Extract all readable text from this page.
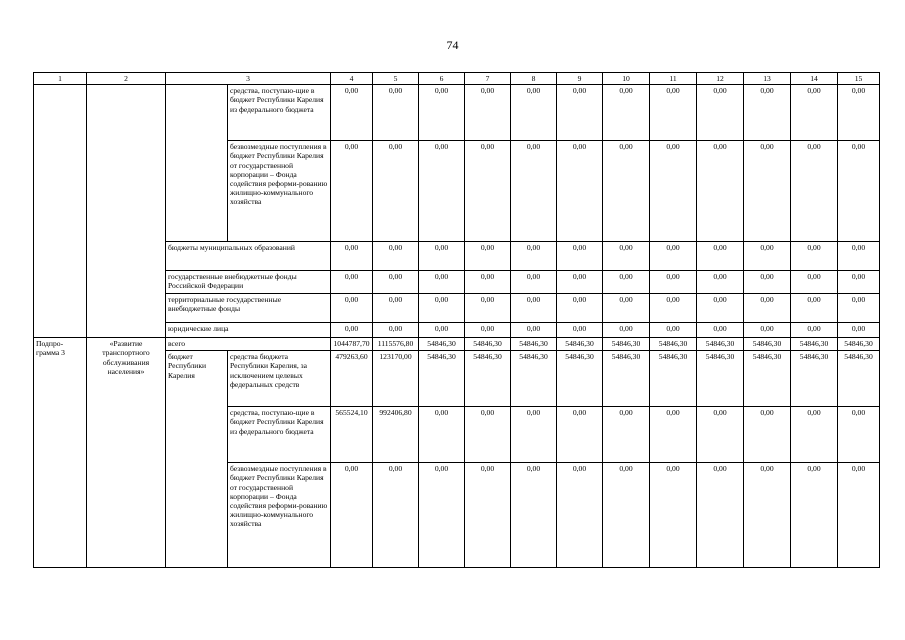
74
1	2	3		4	5	6	7	8	9	10	11	12	13	14	15
			средства, поступаю-щие в бюджет Республики Карелия из федерального бюджета	0,00	0,00	0,00	0,00	0,00	0,00	0,00	0,00	0,00	0,00	0,00	0,00
			безвозмездные поступления в бюджет Республики Карелия от государственной корпорации – Фонда содействия реформи-рованию жилищно-коммунального хозяйства	0,00	0,00	0,00	0,00	0,00	0,00	0,00	0,00	0,00	0,00	0,00	0,00
		бюджеты муниципальных образований		0,00	0,00	0,00	0,00	0,00	0,00	0,00	0,00	0,00	0,00	0,00	0,00
		государственные внебюджетные фонды Российской Федерации		0,00	0,00	0,00	0,00	0,00	0,00	0,00	0,00	0,00	0,00	0,00	0,00
		территориальные государственные внебюджетные фонды		0,00	0,00	0,00	0,00	0,00	0,00	0,00	0,00	0,00	0,00	0,00	0,00
		юридические лица		0,00	0,00	0,00	0,00	0,00	0,00	0,00	0,00	0,00	0,00	0,00	0,00
Подпро-грамма 3	«Развитие транспортного обслуживания населения»	всего		1044787,70	1115576,80	54846,30	54846,30	54846,30	54846,30	54846,30	54846,30	54846,30	54846,30	54846,30	54846,30
		бюджет Республики Карелия	средства бюджета Республики Карелия, за исключением целевых федеральных средств	479263,60	123170,00	54846,30	54846,30	54846,30	54846,30	54846,30	54846,30	54846,30	54846,30	54846,30	54846,30
			средства, поступаю-щие в бюджет Республики Карелия из федерального бюджета	565524,10	992406,80	0,00	0,00	0,00	0,00	0,00	0,00	0,00	0,00	0,00	0,00
			безвозмездные поступления в бюджет Республики Карелия от государственной корпорации – Фонда содействия реформи-рованию жилищно-коммунального хозяйства	0,00	0,00	0,00	0,00	0,00	0,00	0,00	0,00	0,00	0,00	0,00	0,00
